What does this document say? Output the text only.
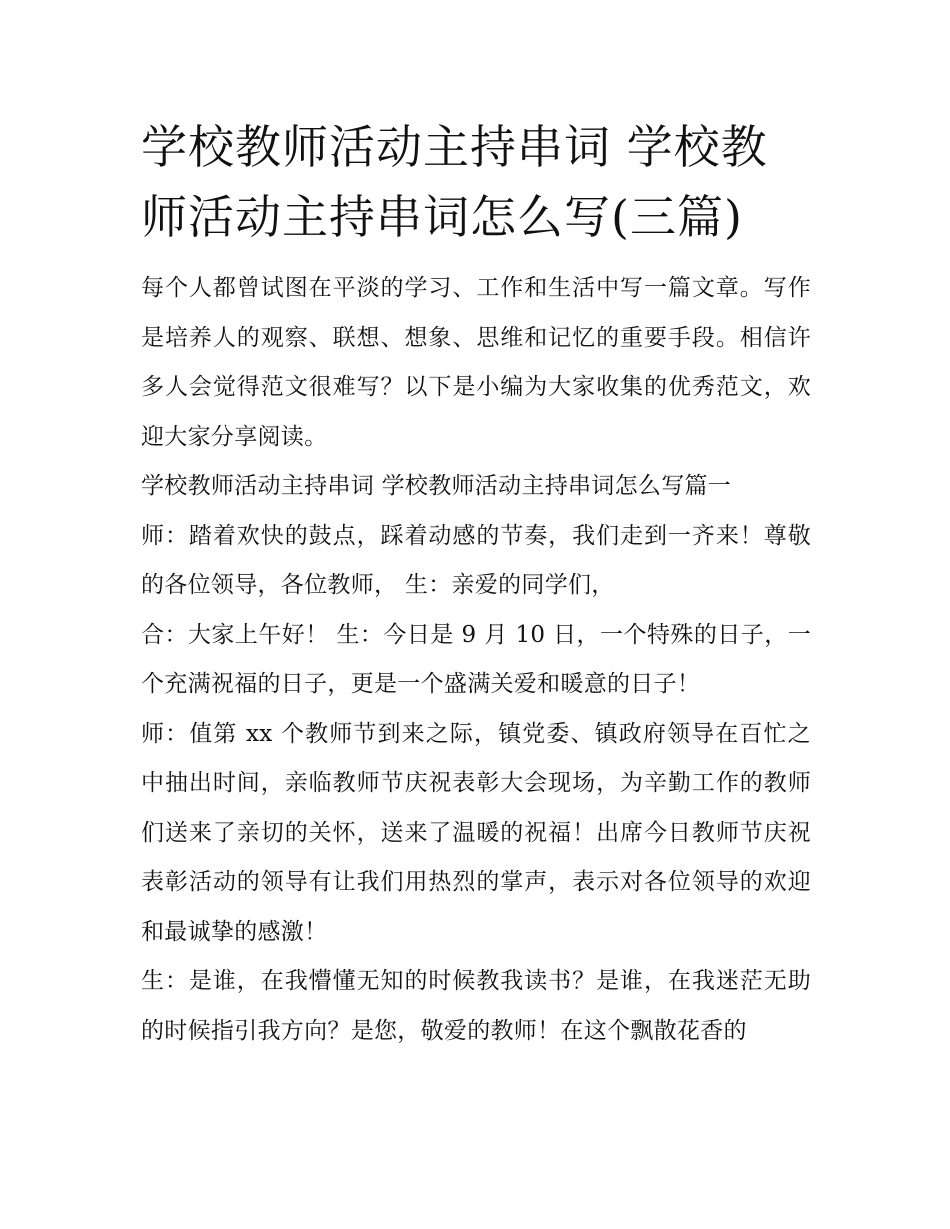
学校教师活动主持串词 学校教师活动主持串词怎么写(三篇)

每个人都曾试图在平淡的学习、工作和生活中写一篇文章。写作是培养人的观察、联想、想象、思维和记忆的重要手段。相信许多人会觉得范文很难写？以下是小编为大家收集的优秀范文，欢迎大家分享阅读。

学校教师活动主持串词 学校教师活动主持串词怎么写篇一

师：踏着欢快的鼓点，踩着动感的节奏，我们走到一齐来！尊敬的各位领导，各位教师， 生：亲爱的同学们，

合：大家上午好！ 生：今日是 9 月 10 日，一个特殊的日子，一个充满祝福的日子，更是一个盛满关爱和暖意的日子！

师：值第 xx 个教师节到来之际，镇党委、镇政府领导在百忙之中抽出时间，亲临教师节庆祝表彰大会现场，为辛勤工作的教师们送来了亲切的关怀，送来了温暖的祝福！出席今日教师节庆祝表彰活动的领导有让我们用热烈的掌声，表示对各位领导的欢迎和最诚挚的感激！

生：是谁，在我懵懂无知的时候教我读书？是谁，在我迷茫无助的时候指引我方向？是您，敬爱的教师！在这个飘散花香的
